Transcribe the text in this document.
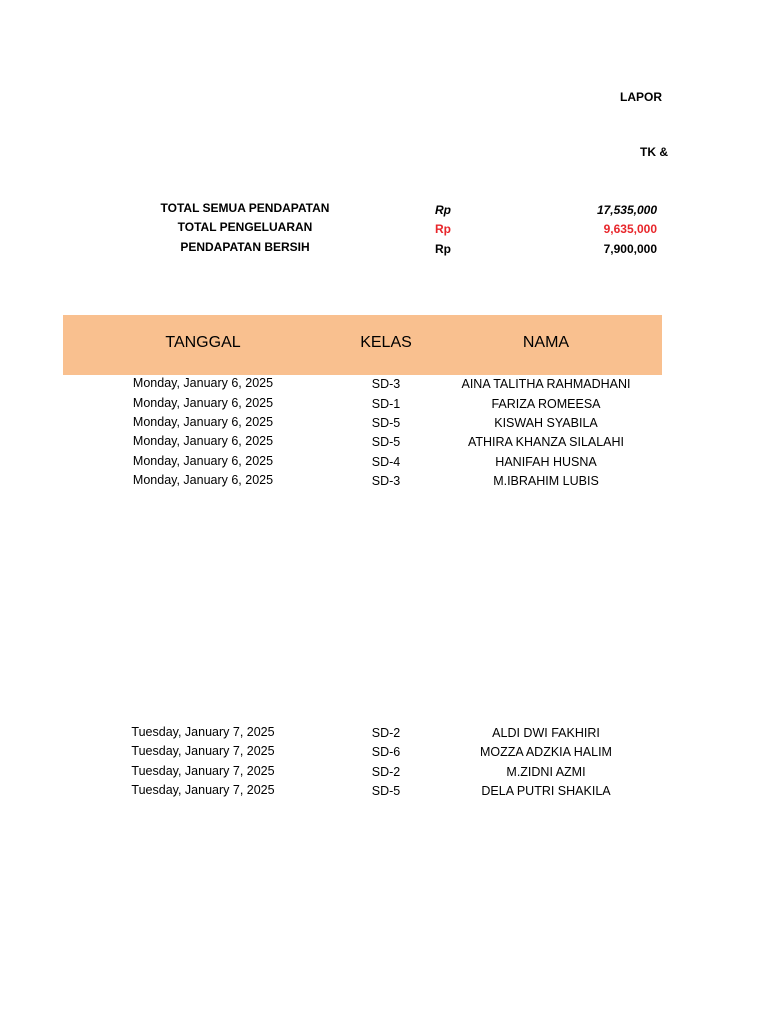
LAPOR
TK &
TOTAL SEMUA PENDAPATAN	Rp	17,535,000
TOTAL PENGELUARAN	Rp	9,635,000
PENDAPATAN BERSIH	Rp	7,900,000
TANGGAL	KELAS	NAMA
Monday, January 6, 2025	SD-3	AINA TALITHA RAHMADHANI
Monday, January 6, 2025	SD-1	FARIZA ROMEESA
Monday, January 6, 2025	SD-5	KISWAH SYABILA
Monday, January 6, 2025	SD-5	ATHIRA KHANZA SILALAHI
Monday, January 6, 2025	SD-4	HANIFAH HUSNA
Monday, January 6, 2025	SD-3	M.IBRAHIM LUBIS
Tuesday, January 7, 2025	SD-2	ALDI DWI FAKHIRI
Tuesday, January 7, 2025	SD-6	MOZZA ADZKIA HALIM
Tuesday, January 7, 2025	SD-2	M.ZIDNI AZMI
Tuesday, January 7, 2025	SD-5	DELA PUTRI SHAKILA
